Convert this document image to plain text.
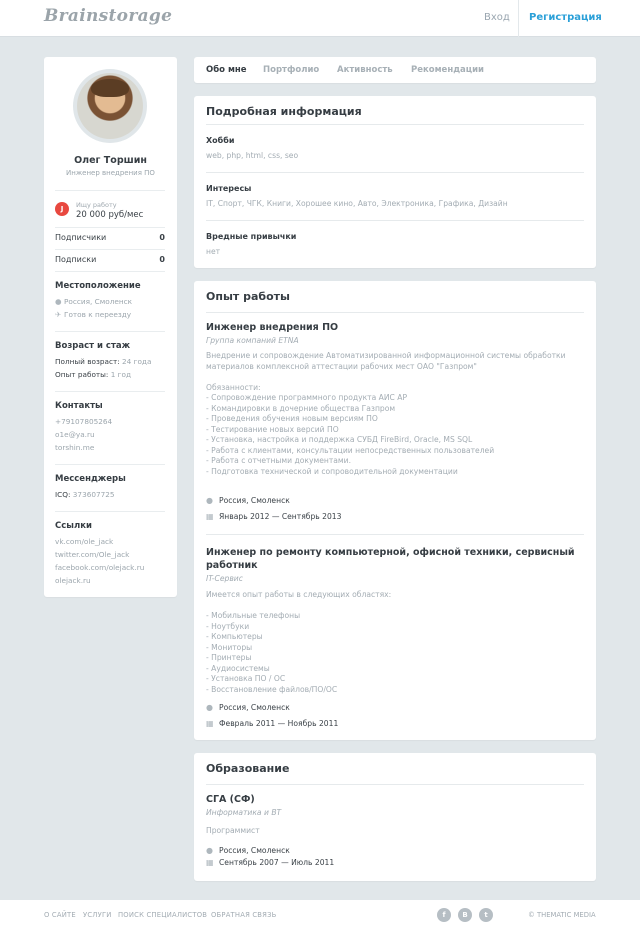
Brainstorage	Вход Регистрация
Олег Торшин
Инженер внедрения ПО
J	Ищу работу
20 000 руб/мес
Подписчики	0
Подписки	0
Местоположение
● Россия, Смоленск
✈ Готов к переезду
Возраст и стаж
Полный возраст: 24 года
Опыт работы: 1 год
Контакты
+79107805264
o1e@ya.ru
torshin.me
Мессенджеры
ICQ: 373607725
Ссылки
vk.com/ole_jack
twitter.com/Ole_jack
facebook.com/olejack.ru
olejack.ru
Обо мне Портфолио Активность Рекомендации
Подробная информация
Хобби
web, php, html, css, seo
Интересы
IT, Спорт, ЧГК, Книги, Хорошее кино, Авто, Электроника, Графика, Дизайн
Вредные привычки
нет
Опыт работы
Инженер внедрения ПО
Группа компаний ETNA
Внедрение и сопровождение Автоматизированной информационной системы обработки материалов комплексной аттестации рабочих мест ОАО "Газпром"

Обязанности:
- Сопровождение программного продукта АИС АР
- Командировки в дочерние общества Газпром
- Проведения обучения новым версиям ПО
- Тестирование новых версий ПО
- Установка, настройка и поддержка СУБД FireBird, Oracle, MS SQL
- Работа с клиентами, консультации непосредственных пользователей
- Работа с отчетными документами.
- Подготовка технической и сопроводительной документации
● Россия, Смоленск
▦ Январь 2012 — Сентябрь 2013
Инженер по ремонту компьютерной, офисной техники, сервисный работник
IT-Сервис
Имеется опыт работы в следующих областях:

- Мобильные телефоны
- Ноутбуки
- Компьютеры
- Мониторы
- Принтеры
- Аудиосистемы
- Установка ПО / ОС
- Восстановление файлов/ПО/ОС
● Россия, Смоленск
▦ Февраль 2011 — Ноябрь 2011
Образование
СГА (СФ)
Информатика и ВТ
Программист
● Россия, Смоленск
▦ Сентябрь 2007 — Июль 2011
О САЙТЕ УСЛУГИ ПОИСК СПЕЦИАЛИСТОВ ОБРАТНАЯ СВЯЗЬ	f	B	t	© THEMATIC MEDIA
